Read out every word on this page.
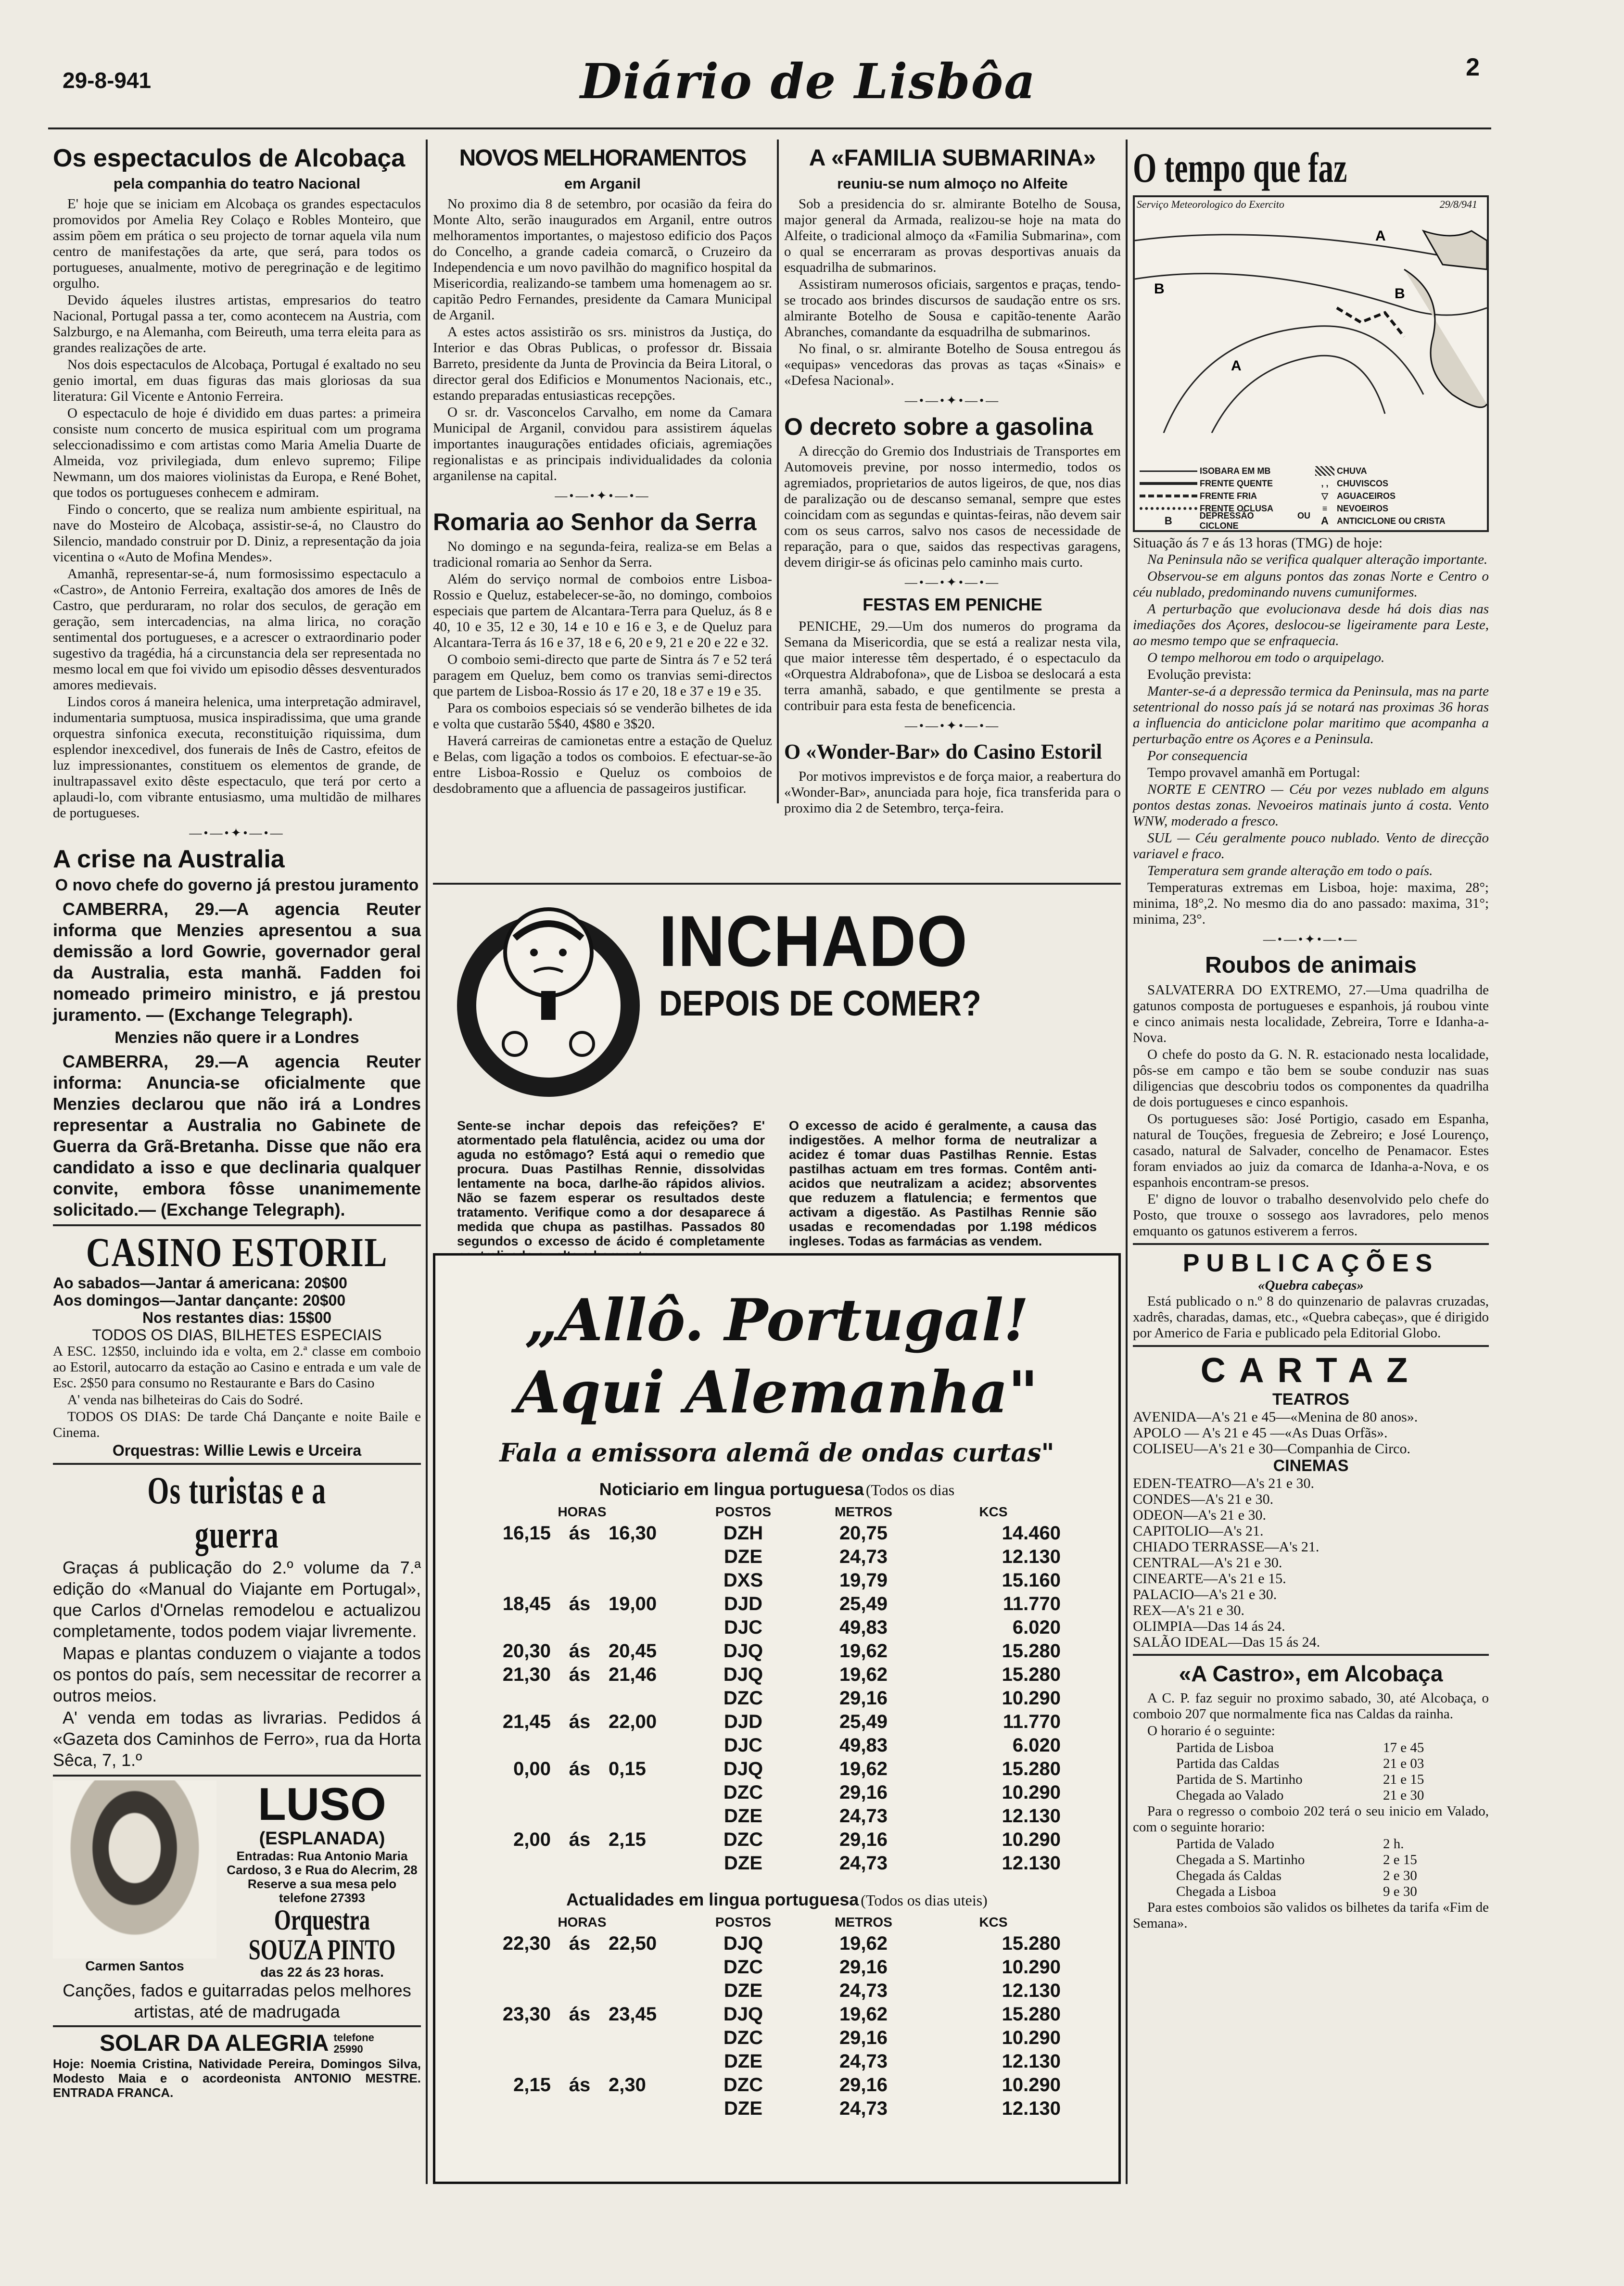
29-8-941	Diário de Lisbôa	2
Os espectaculos de Alcobaça
pela companhia do teatro Nacional

E' hoje que se iniciam em Alcobaça os grandes espectaculos promovidos por Amelia Rey Colaço e Robles Monteiro, que assim põem em prática o seu projecto de tornar aquela vila num centro de manifestações da arte, que será, para todos os portugueses, anualmente, motivo de peregrinação e de legitimo orgulho.

Devido áqueles ilustres artistas, empresarios do teatro Nacional, Portugal passa a ter, como acontecem na Austria, com Salzburgo, e na Alemanha, com Beireuth, uma terra eleita para as grandes realizações de arte.

Nos dois espectaculos de Alcobaça, Portugal é exaltado no seu genio imortal, em duas figuras das mais gloriosas da sua literatura: Gil Vicente e Antonio Ferreira.

O espectaculo de hoje é dividido em duas partes: a primeira consiste num concerto de musica espiritual com um programa seleccionadissimo e com artistas como Maria Amelia Duarte de Almeida, voz privilegiada, dum enlevo supremo; Filipe Newmann, um dos maiores violinistas da Europa, e René Bohet, que todos os portugueses conhecem e admiram.

Findo o concerto, que se realiza num ambiente espiritual, na nave do Mosteiro de Alcobaça, assistir-se-á, no Claustro do Silencio, mandado construir por D. Diniz, a representação da joia vicentina o «Auto de Mofina Mendes».

Amanhã, representar-se-á, num formosissimo espectaculo a «Castro», de Antonio Ferreira, exaltação dos amores de Inês de Castro, que perduraram, no rolar dos seculos, de geração em geração, sem intercadencias, na alma lirica, no coração sentimental dos portugueses, e a acrescer o extraordinario poder sugestivo da tragédia, há a circunstancia dela ser representada no mesmo local em que foi vivido um episodio dêsses desventurados amores medievais.

Lindos coros á maneira helenica, uma interpretação admiravel, indumentaria sumptuosa, musica inspiradissima, que uma grande orquestra sinfonica executa, reconstituição riquissima, dum esplendor inexcedivel, dos funerais de Inês de Castro, efeitos de luz impressionantes, constituem os elementos de grande, de inultrapassavel exito dêste espectaculo, que terá por certo a aplaudi-lo, com vibrante entusiasmo, uma multidão de milhares de portugueses.

—•—•✦•—•—
A crise na Australia
O novo chefe do governo já prestou juramento

CAMBERRA, 29.—A agencia Reuter informa que Menzies apresentou a sua demissão a lord Gowrie, governador geral da Australia, esta manhã. Fadden foi nomeado primeiro ministro, e já prestou juramento. — (Exchange Telegraph).

Menzies não quere ir a Londres

CAMBERRA, 29.—A agencia Reuter informa: Anuncia-se oficialmente que Menzies declarou que não irá a Londres representar a Australia no Gabinete de Guerra da Grã-Bretanha. Disse que não era candidato a isso e que declinaria qualquer convite, embora fôsse unanimemente solicitado.— (Exchange Telegraph).

CASINO ESTORIL
Ao sabados—Jantar á americana: 20$00
Aos domingos—Jantar dançante: 20$00
Nos restantes dias: 15$00
TODOS OS DIAS, BILHETES ESPECIAIS

A ESC. 12$50, incluindo ida e volta, em 2.ª classe em comboio ao Estoril, autocarro da estação ao Casino e entrada e um vale de Esc. 2$50 para consumo no Restaurante e Bars do Casino

A' venda nas bilheteiras do Cais do Sodré.

TODOS OS DIAS: De tarde Chá Dançante e noite Baile e Cinema.

Orquestras: Willie Lewis e Urceira
Os turistas e a guerra

Graças á publicação do 2.º volume da 7.ª edição do «Manual do Viajante em Portugal», que Carlos d'Ornelas remodelou e actualizou completamente, todos podem viajar livremente.

Mapas e plantas conduzem o viajante a todos os pontos do país, sem necessitar de recorrer a outros meios.

A' venda em todas as livrarias. Pedidos á «Gazeta dos Caminhos de Ferro», rua da Horta Sêca, 7, 1.º

Carmen Santos
LUSO
(ESPLANADA)
Entradas: Rua Antonio Maria Cardoso, 3 e Rua do Alecrim, 28
Reserve a sua mesa pelo telefone 27393
Orquestra
SOUZA PINTO
das 22 ás 23 horas.
Canções, fados e guitarradas pelos melhores artistas, até de madrugada
SOLAR DA ALEGRIA telefone
25990
Hoje: Noemia Cristina, Natividade Pereira, Domingos Silva, Modesto Maia e o acordeonista ANTONIO MESTRE. ENTRADA FRANCA.
NOVOS MELHORAMENTOS
em Arganil

No proximo dia 8 de setembro, por ocasião da feira do Monte Alto, serão inaugurados em Arganil, entre outros melhoramentos importantes, o majestoso edificio dos Paços do Concelho, a grande cadeia comarcã, o Cruzeiro da Independencia e um novo pavilhão do magnifico hospital da Misericordia, realizando-se tambem uma homenagem ao sr. capitão Pedro Fernandes, presidente da Camara Municipal de Arganil.

A estes actos assistirão os srs. ministros da Justiça, do Interior e das Obras Publicas, o professor dr. Bissaia Barreto, presidente da Junta de Provincia da Beira Litoral, o director geral dos Edificios e Monumentos Nacionais, etc., estando preparadas entusiasticas recepções.

O sr. dr. Vasconcelos Carvalho, em nome da Camara Municipal de Arganil, convidou para assistirem áquelas importantes inaugurações entidades oficiais, agremiações regionalistas e as principais individualidades da colonia arganilense na capital.

—•—•✦•—•—
Romaria ao Senhor da Serra

No domingo e na segunda-feira, realiza-se em Belas a tradicional romaria ao Senhor da Serra.

Além do serviço normal de comboios entre Lisboa-Rossio e Queluz, estabelecer-se-ão, no domingo, comboios especiais que partem de Alcantara-Terra para Queluz, ás 8 e 40, 10 e 35, 12 e 30, 14 e 10 e 16 e 3, e de Queluz para Alcantara-Terra ás 16 e 37, 18 e 6, 20 e 9, 21 e 20 e 22 e 32.

O comboio semi-directo que parte de Sintra ás 7 e 52 terá paragem em Queluz, bem como os tranvias semi-directos que partem de Lisboa-Rossio ás 17 e 20, 18 e 37 e 19 e 35.

Para os comboios especiais só se venderão bilhetes de ida e volta que custarão 5$40, 4$80 e 3$20.

Haverá carreiras de camionetas entre a estação de Queluz e Belas, com ligação a todos os comboios. E efectuar-se-ão entre Lisboa-Rossio e Queluz os comboios de desdobramento que a afluencia de passageiros justificar.

A «FAMILIA SUBMARINA»
reuniu-se num almoço no Alfeite

Sob a presidencia do sr. almirante Botelho de Sousa, major general da Armada, realizou-se hoje na mata do Alfeite, o tradicional almoço da «Familia Submarina», com o qual se encerraram as provas desportivas anuais da esquadrilha de submarinos.

Assistiram numerosos oficiais, sargentos e praças, tendo-se trocado aos brindes discursos de saudação entre os srs. almirante Botelho de Sousa e capitão-tenente Aarão Abranches, comandante da esquadrilha de submarinos.

No final, o sr. almirante Botelho de Sousa entregou ás «equipas» vencedoras das provas as taças «Sinais» e «Defesa Nacional».

—•—•✦•—•—
O decreto sobre a gasolina

A direcção do Gremio dos Industriais de Transportes em Automoveis previne, por nosso intermedio, todos os agremiados, proprietarios de autos ligeiros, de que, nos dias de paralização ou de descanso semanal, sempre que estes coincidam com as segundas e quintas-feiras, não devem sair com os seus carros, salvo nos casos de necessidade de reparação, para o que, saidos das respectivas garagens, devem dirigir-se ás oficinas pelo caminho mais curto.

—•—•✦•—•—
FESTAS EM PENICHE

PENICHE, 29.—Um dos numeros do programa da Semana da Misericordia, que se está a realizar nesta vila, que maior interesse têm despertado, é o espectaculo da «Orquestra Aldrabofona», que de Lisboa se deslocará a esta terra amanhã, sabado, e que gentilmente se presta a contribuir para esta festa de beneficencia.

—•—•✦•—•—
O «Wonder-Bar» do Casino Estoril

Por motivos imprevistos e de força maior, a reabertura do «Wonder-Bar», anunciada para hoje, fica transferida para o proximo dia 2 de Setembro, terça-feira.

INCHADO
DEPOIS DE COMER?
Sente-se inchar depois das refeições? E' atormentado pela flatulência, acidez ou uma dor aguda no estômago? Está aqui o remedio que procura. Duas Pastilhas Rennie, dissolvidas lentamente na boca, darlhe-ão rápidos alivios. Não se fazem esperar os resultados deste tratamento. Verifique como a dor desaparece á medida que chupa as pastilhas. Passados 80 segundos o excesso de ácido é completamente
O excesso de acido é geralmente, a causa das indigestões. A melhor forma de neutralizar a acidez é tomar duas Pastilhas Rennie. Estas pastilhas actuam em tres formas. Contêm anti-acidos que neutralizam a acidez; absorventes que reduzem a flatulencia; e fermentos que activam a digestão. As Pastilhas Rennie são usadas e recomendadas por 1.198 médicos ingleses. Todas as farmácias as vendem.
„Allô. Portugal!
Aqui Alemanha"
Fala a emissora alemã de ondas curtas"
Noticiario em lingua portuguesa (Todos os dias
HORAS			POSTOS	METROS	KCS
16,15	ás	16,30	DZH	20,75	14.460
			DZE	24,73	12.130
			DXS	19,79	15.160
18,45	ás	19,00	DJD	25,49	11.770
			DJC	49,83	6.020
20,30	ás	20,45	DJQ	19,62	15.280
21,30	ás	21,46	DJQ	19,62	15.280
			DZC	29,16	10.290
21,45	ás	22,00	DJD	25,49	11.770
			DJC	49,83	6.020
0,00	ás	0,15	DJQ	19,62	15.280
			DZC	29,16	10.290
			DZE	24,73	12.130
2,00	ás	2,15	DZC	29,16	10.290
			DZE	24,73	12.130
Actualidades em lingua portuguesa (Todos os dias uteis)
HORAS			POSTOS	METROS	KCS
22,30	ás	22,50	DJQ	19,62	15.280
			DZC	29,16	10.290
			DZE	24,73	12.130
23,30	ás	23,45	DJQ	19,62	15.280
			DZC	29,16	10.290
			DZE	24,73	12.130
2,15	ás	2,30	DZC	29,16	10.290
			DZE	24,73	12.130
O tempo que faz
Serviço Meteorologico do Exercito	29/8/941
B
A
B
A

ISOBARA EM MB

FRENTE QUENTE

FRENTE FRIA

FRENTE OCLUSA
B
	DEPRESSÃO OU CICLONE

CHUVA
, ,
CHUVISCOS
▽
	AGUACEIROS
≡
	NEVOEIROS
A
ANTICICLONE OU CRISTA

Situação ás 7 e ás 13 horas (TMG) de hoje:

Na Peninsula não se verifica qualquer alteração importante.

Observou-se em alguns pontos das zonas Norte e Centro o céu nublado, predominando nuvens cumuniformes.

A perturbação que evolucionava desde há dois dias nas imediações dos Açores, deslocou-se ligeiramente para Leste, ao mesmo tempo que se enfraquecia.

O tempo melhorou em todo o arquipelago.

Evolução prevista:

Manter-se-á a depressão termica da Peninsula, mas na parte setentrional do nosso país já se notará nas proximas 36 horas a influencia do anticiclone polar maritimo que acompanha a perturbação entre os Açores e a Peninsula.

Por consequencia

Tempo provavel amanhã em Portugal:

NORTE E CENTRO — Céu por vezes nublado em alguns pontos destas zonas. Nevoeiros matinais junto á costa. Vento WNW, moderado a fresco.

SUL — Céu geralmente pouco nublado. Vento de direcção variavel e fraco.

Temperatura sem grande alteração em todo o país.

Temperaturas extremas em Lisboa, hoje: maxima, 28°; minima, 18°,2. No mesmo dia do ano passado: maxima, 31°; minima, 23°.

—•—•✦•—•—
Roubos de animais

SALVATERRA DO EXTREMO, 27.—Uma quadrilha de gatunos composta de portugueses e espanhois, já roubou vinte e cinco animais nesta localidade, Zebreira, Torre e Idanha-a-Nova.

O chefe do posto da G. N. R. estacionado nesta localidade, pôs-se em campo e tão bem se soube conduzir nas suas diligencias que descobriu todos os componentes da quadrilha de dois portugueses e cinco espanhois.

Os portugueses são: José Portigio, casado em Espanha, natural de Touções, freguesia de Zebreiro; e José Lourenço, casado, natural de Salvader, concelho de Penamacor. Estes foram enviados ao juiz da comarca de Idanha-a-Nova, e os espanhois encontram-se presos.

E' digno de louvor o trabalho desenvolvido pelo chefe do Posto, que trouxe o sossego aos lavradores, pelo menos emquanto os gatunos estiverem a ferros.

PUBLICAÇÕES
«Quebra cabeças»

Está publicado o n.º 8 do quinzenario de palavras cruzadas, xadrês, charadas, damas, etc., «Quebra cabeças», que é dirigido por Americo de Faria e publicado pela Editorial Globo.

CARTAZ
TEATROS
AVENIDA—A's 21 e 45—«Menina de 80 anos».
APOLO — A's 21 e 45 —«As Duas Orfãs».
COLISEU—A's 21 e 30—Companhia de Circo.
CINEMAS
EDEN-TEATRO—A's 21 e 30.
CONDES—A's 21 e 30.
ODEON—A's 21 e 30.
CAPITOLIO—A's 21.
CHIADO TERRASSE—A's 21.
CENTRAL—A's 21 e 30.
CINEARTE—A's 21 e 15.
PALACIO—A's 21 e 30.
REX—A's 21 e 30.
OLIMPIA—Das 14 ás 24.
SALÃO IDEAL—Das 15 ás 24.
«A Castro», em Alcobaça

A C. P. faz seguir no proximo sabado, 30, até Alcobaça, o comboio 207 que normalmente fica nas Caldas da rainha.

O horario é o seguinte:

Partida de Lisboa	17 e 45
Partida das Caldas	21 e 03
Partida de S. Martinho	21 e 15
Chegada ao Valado	21 e 30

Para o regresso o comboio 202 terá o seu inicio em Valado, com o seguinte horario:

Partida de Valado	2 h.
Chegada a S. Martinho	2 e 15
Chegada ás Caldas	2 e 30
Chegada a Lisboa	9 e 30

Para estes comboios são validos os bilhetes da tarifa «Fim de Semana».
